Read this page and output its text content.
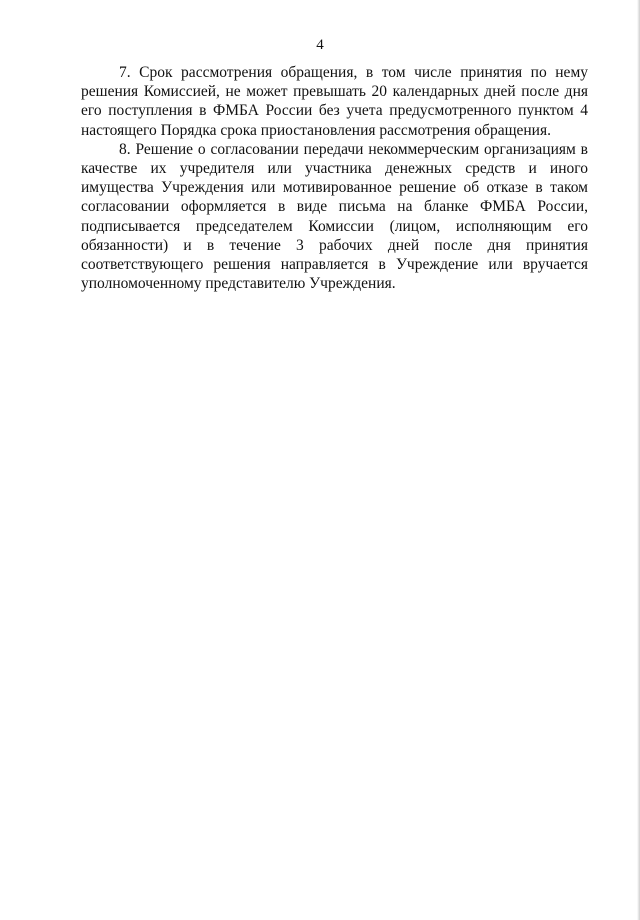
4

7. Срок рассмотрения обращения, в том числе принятия по нему решения Комиссией, не может превышать 20 календарных дней после дня его поступления в ФМБА России без учета предусмотренного пунктом 4 настоящего Порядка срока приостановления рассмотрения обращения.

8. Решение о согласовании передачи некоммерческим организациям в качестве их учредителя или участника денежных средств и иного имущества Учреждения или мотивированное решение об отказе в таком согласовании оформляется в виде письма на бланке ФМБА России, подписывается председателем Комиссии (лицом, исполняющим его обязанности) и в течение 3 рабочих дней после дня принятия соответствующего решения направляется в Учреждение или вручается уполномоченному представителю Учреждения.
